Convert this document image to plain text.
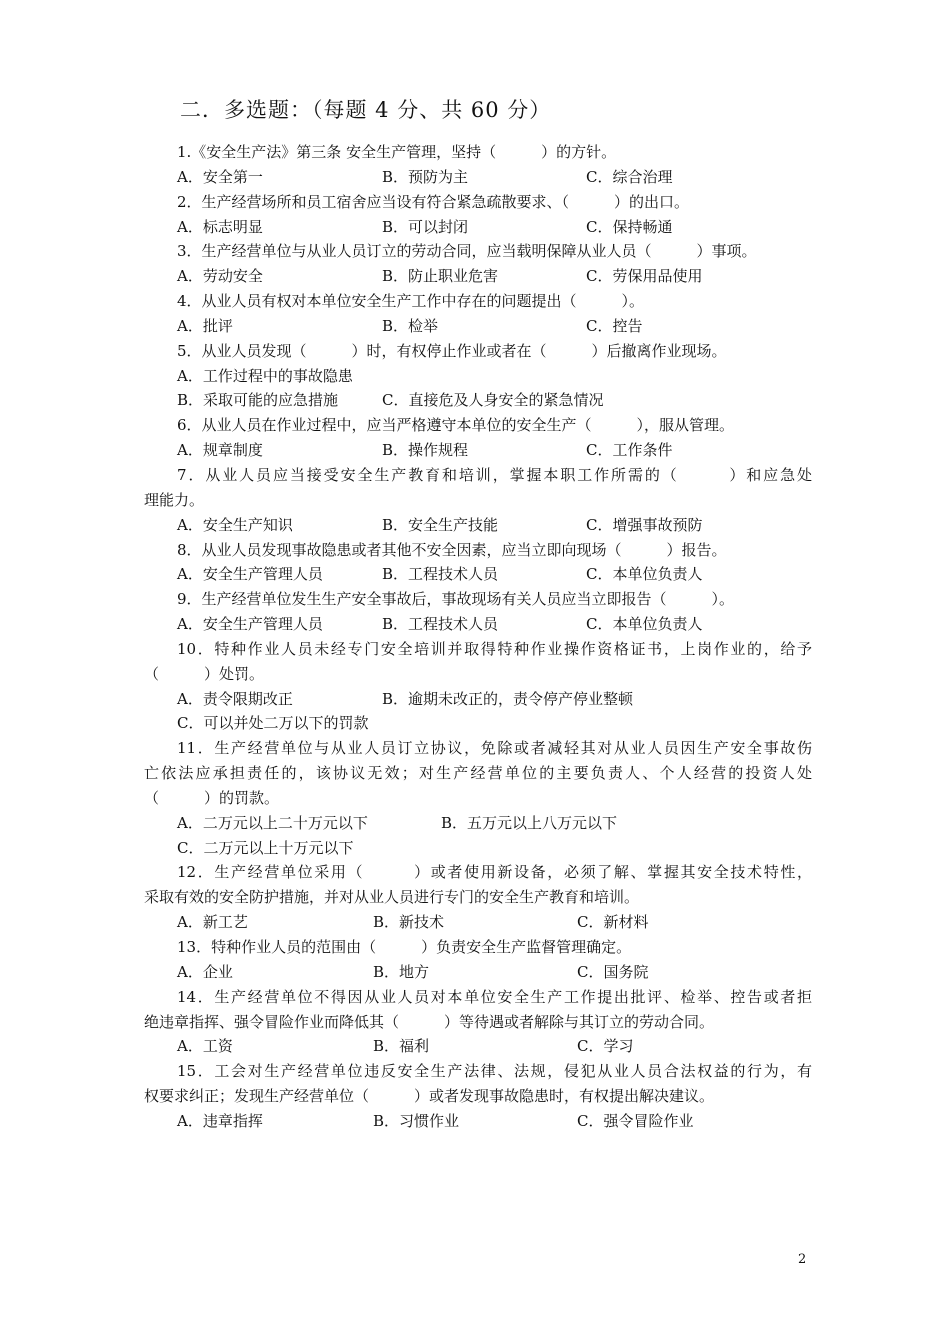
二．多选题：（每题 4 分、共 60 分）
1.《安全生产法》第三条 安全生产管理，坚持（　　　）的方针。
A．安全第一	B．预防为主	C．综合治理
2．生产经营场所和员工宿舍应当设有符合紧急疏散要求、（　　　）的出口。
A．标志明显	B．可以封闭	C．保持畅通
3．生产经营单位与从业人员订立的劳动合同，应当载明保障从业人员（　　　）事项。
A．劳动安全	B．防止职业危害	C．劳保用品使用
4．从业人员有权对本单位安全生产工作中存在的问题提出（　　　）。
A．批评	B．检举	C．控告
5．从业人员发现（　　　）时，有权停止作业或者在（　　　）后撤离作业现场。
A．工作过程中的事故隐患
B．采取可能的应急措施	C．直接危及人身安全的紧急情况
6．从业人员在作业过程中，应当严格遵守本单位的安全生产（　　　），服从管理。
A．规章制度	B．操作规程	C．工作条件
7．从业人员应当接受安全生产教育和培训，掌握本职工作所需的（　　　）和应急处
理能力。
A．安全生产知识	B．安全生产技能	C．增强事故预防
8．从业人员发现事故隐患或者其他不安全因素，应当立即向现场（　　　）报告。
A．安全生产管理人员	B．工程技术人员	C．本单位负责人
9．生产经营单位发生生产安全事故后，事故现场有关人员应当立即报告（　　　）。
A．安全生产管理人员	B．工程技术人员	C．本单位负责人
10．特种作业人员未经专门安全培训并取得特种作业操作资格证书，上岗作业的，给予
（　　　）处罚。
A．责令限期改正	B．逾期未改正的，责令停产停业整顿
C．可以并处二万以下的罚款
11．生产经营单位与从业人员订立协议，免除或者减轻其对从业人员因生产安全事故伤
亡依法应承担责任的，该协议无效；对生产经营单位的主要负责人、个人经营的投资人处
（　　　）的罚款。
A．二万元以上二十万元以下	B．五万元以上八万元以下
C．二万元以上十万元以下
12．生产经营单位采用（　　　）或者使用新设备，必须了解、掌握其安全技术特性，
采取有效的安全防护措施，并对从业人员进行专门的安全生产教育和培训。
A．新工艺	B．新技术	C．新材料
13．特种作业人员的范围由（　　　）负责安全生产监督管理确定。
A．企业	B．地方	C．国务院
14．生产经营单位不得因从业人员对本单位安全生产工作提出批评、检举、控告或者拒
绝违章指挥、强令冒险作业而降低其（　　　）等待遇或者解除与其订立的劳动合同。
A．工资	B．福利	C．学习
15．工会对生产经营单位违反安全生产法律、法规，侵犯从业人员合法权益的行为，有
权要求纠正；发现生产经营单位（　　　）或者发现事故隐患时，有权提出解决建议。
A．违章指挥	B．习惯作业	C．强令冒险作业
2
